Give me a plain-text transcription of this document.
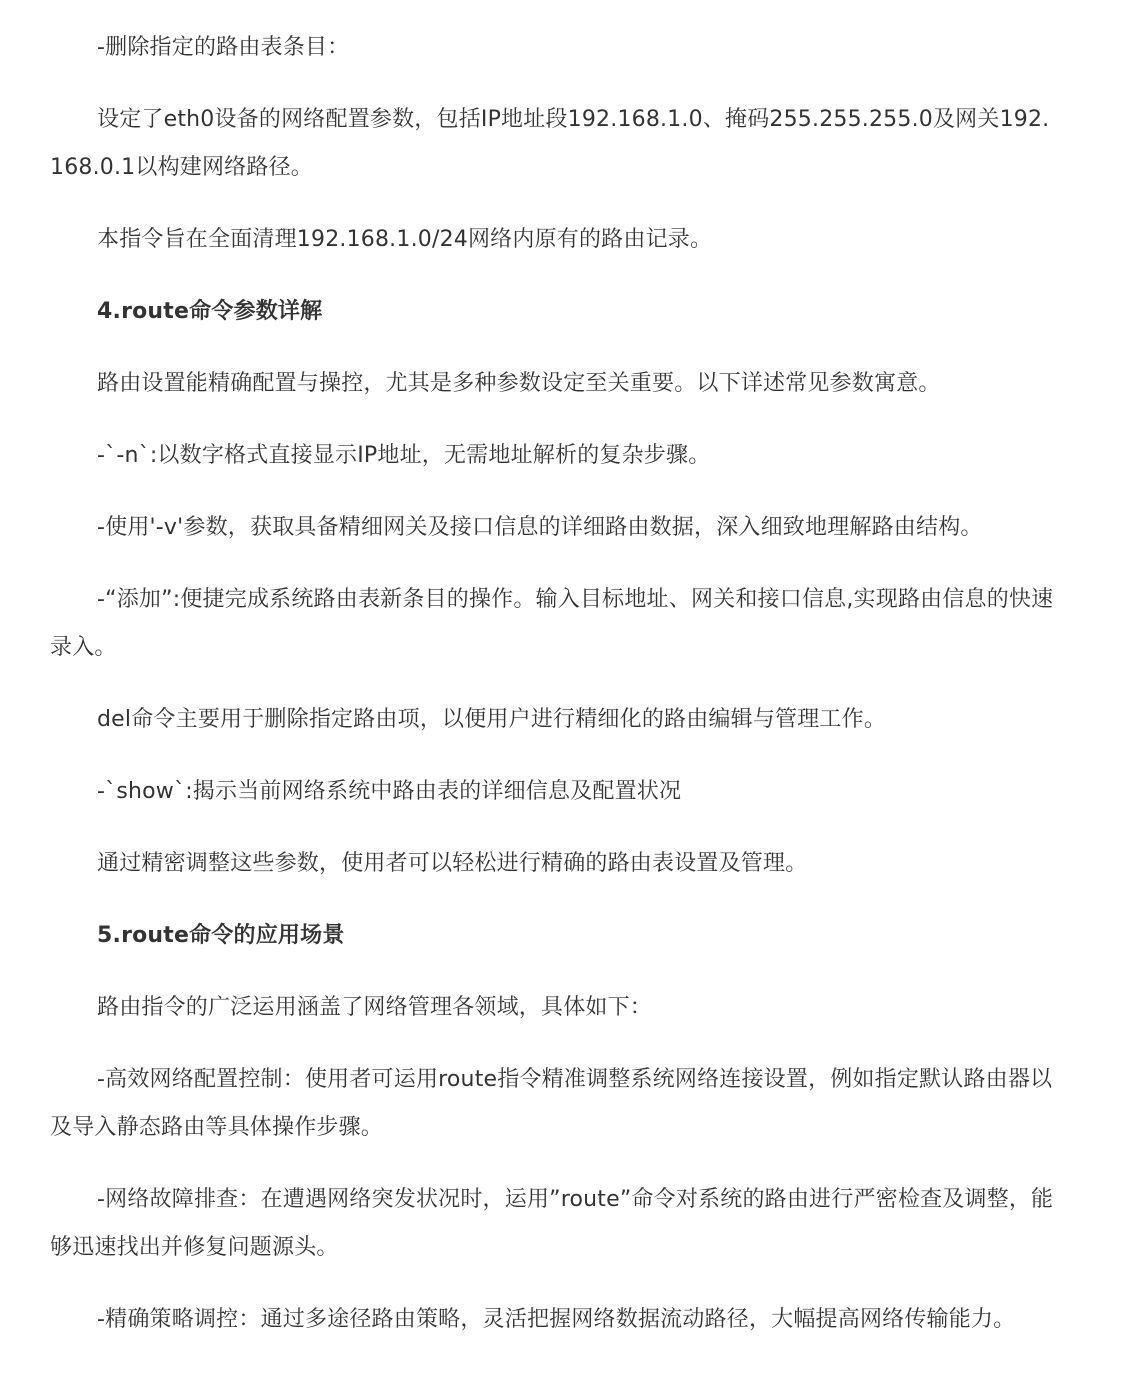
-删除指定的路由表条目：

设定了eth0设备的网络配置参数，包括IP地址段192.168.1.0、掩码255.255.255.0及网关192.168.0.1以构建网络路径。

本指令旨在全面清理192.168.1.0/24网络内原有的路由记录。

4.route命令参数详解

路由设置能精确配置与操控，尤其是多种参数设定至关重要。以下详述常见参数寓意。

-`-n`:以数字格式直接显示IP地址，无需地址解析的复杂步骤。

-使用'-v'参数，获取具备精细网关及接口信息的详细路由数据，深入细致地理解路由结构。

-“添加”:便捷完成系统路由表新条目的操作。输入目标地址、网关和接口信息,实现路由信息的快速录入。

del命令主要用于删除指定路由项，以便用户进行精细化的路由编辑与管理工作。

-`show`:揭示当前网络系统中路由表的详细信息及配置状况

通过精密调整这些参数，使用者可以轻松进行精确的路由表设置及管理。

5.route命令的应用场景

路由指令的广泛运用涵盖了网络管理各领域，具体如下：

-高效网络配置控制：使用者可运用route指令精准调整系统网络连接设置，例如指定默认路由器以及导入静态路由等具体操作步骤。

-网络故障排查：在遭遇网络突发状况时，运用”route”命令对系统的路由进行严密检查及调整，能够迅速找出并修复问题源头。

-精确策略调控：通过多途径路由策略，灵活把握网络数据流动路径，大幅提高网络传输能力。
